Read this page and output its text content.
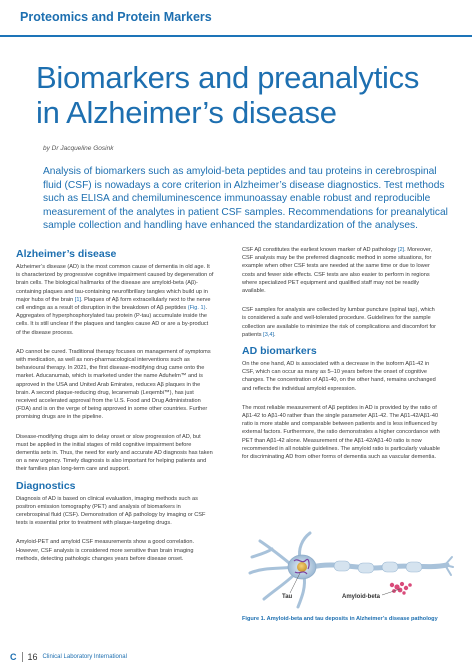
Proteomics and Protein Markers
Biomarkers and preanalytics
in Alzheimer’s disease
by Dr Jacqueline Gosink

Analysis of biomarkers such as amyloid-beta peptides and tau proteins in cerebrospinal fluid (CSF) is nowadays a core criterion in Alzheimer’s disease diagnostics. Test methods such as ELISA and chemiluminescence immunoassay enable robust and reproducible measurement of the analytes in patient CSF samples. Recommendations for preanalytical sample collection and handling have enhanced the standardization of the analyses.

Alzheimer’s disease

Alzheimer’s disease (AD) is the most common cause of dementia in old age. It is characterized by progressive cognitive impairment caused by degeneration of brain cells. The biological hallmarks of the disease are amyloid-beta (Aβ)-containing plaques and tau-containing neurofibrillary tangles which build up in major hubs of the brain [1]. Plaques of Aβ form extracellularly next to the nerve cell endings as a result of disruption in the breakdown of Aβ peptides (Fig. 1). Aggregates of hyperphosphorylated tau protein (P-tau) accumulate inside the cells. It is still unclear if the plaques and tangles cause AD or are a by-product of the disease process.

AD cannot be cured. Traditional therapy focuses on management of symptoms with medication, as well as non-pharmacological interventions such as behavioural therapy. In 2021, the first disease-modifying drug came onto the market. Aducanumab, which is marketed under the name Aduhelm™ and is approved in the USA and United Arab Emirates, reduces Aβ plaques in the brain. A second plaque-reducing drug, lecanemab (Leqembi™), has just received accelerated approval from the U.S. Food and Drug Administration (FDA) and is on the verge of being approved in some other countries. Further promising drugs are in the pipeline.

Disease-modifying drugs aim to delay onset or slow progression of AD, but must be applied in the initial stages of mild cognitive impairment before dementia sets in. Thus, the need for early and accurate AD diagnosis has taken on a new urgency. Timely diagnosis is also important for helping patients and their families plan long-term care and support.

Diagnostics

Diagnosis of AD is based on clinical evaluation, imaging methods such as positron emission tomography (PET) and analysis of biomarkers in cerebrospinal fluid (CSF). Demonstration of Aβ pathology by imaging or CSF tests is essential prior to treatment with plaque-targeting drugs.

Amyloid-PET and amyloid CSF measurements show a good correlation. However, CSF analysis is considered more sensitive than brain imaging methods, detecting pathologic changes years before disease onset.

CSF Aβ constitutes the earliest known marker of AD pathology [2]. Moreover, CSF analysis may be the preferred diagnostic method in some situations, for example when other CSF tests are needed at the same time or due to lower costs and fewer side effects. CSF tests are also easier to perform in regions where specialized PET equipment and qualified staff may not be readily available.

CSF samples for analysis are collected by lumbar puncture (spinal tap), which is considered a safe and well-tolerated procedure. Guidelines for the sample collection are available to minimize the risk of complications and discomfort for patients [3,4].

AD biomarkers

On the one hand, AD is associated with a decrease in the isoform Aβ1-42 in CSF, which can occur as many as 5–10 years before the onset of cognitive changes. The concentration of Aβ1-40, on the other hand, remains unchanged and reflects the individual amyloid expression.

The most reliable measurement of Aβ peptides in AD is provided by the ratio of Aβ1-42 to Aβ1-40 rather than the single parameter Aβ1-42. The Aβ1-42/Aβ1-40 ratio is more stable and comparable between patients and is less influenced by external factors. Furthermore, the ratio demonstrates a higher concordance with PET than Aβ1-42 alone. Measurement of the Aβ1-42/Aβ1-40 ratio is now recommended in all notable guidelines. The amyloid ratio is particularly valuable for discriminating AD from other forms of dementia such as vascular dementia.

Tau	Amyloid-beta
Figure 1. Amyloid-beta and tau deposits in Alzheimer’s disease pathology
C 16 Clinical Laboratory International
